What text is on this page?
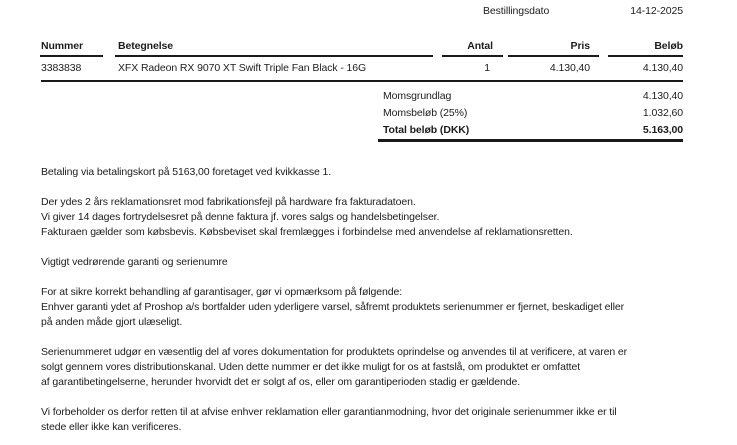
Bestillingsdato	14-12-2025
Nummer	Betegnelse	Antal	Pris	Beløb
3383838	XFX Radeon RX 9070 XT Swift Triple Fan Black - 16G	1	4.130,40	4.130,40
Momsgrundlag	4.130,40
Momsbeløb (25%)	1.032,60
Total beløb (DKK)	5.163,00
Betaling via betalingskort på 5163,00 foretaget ved kvikkasse 1.
Der ydes 2 års reklamationsret mod fabrikationsfejl på hardware fra fakturadatoen.
Vi giver 14 dages fortrydelsesret på denne faktura jf. vores salgs og handelsbetingelser.
Fakturaen gælder som købsbevis. Købsbeviset skal fremlægges i forbindelse med anvendelse af reklamationsretten.
Vigtigt vedrørende garanti og serienumre
For at sikre korrekt behandling af garantisager, gør vi opmærksom på følgende:
Enhver garanti ydet af Proshop a/s bortfalder uden yderligere varsel, såfremt produktets serienummer er fjernet, beskadiget eller
på anden måde gjort ulæseligt.
Serienummeret udgør en væsentlig del af vores dokumentation for produktets oprindelse og anvendes til at verificere, at varen er
solgt gennem vores distributionskanal. Uden dette nummer er det ikke muligt for os at fastslå, om produktet er omfattet
af garantibetingelserne, herunder hvorvidt det er solgt af os, eller om garantiperioden stadig er gældende.
Vi forbeholder os derfor retten til at afvise enhver reklamation eller garantianmodning, hvor det originale serienummer ikke er til
stede eller ikke kan verificeres.
